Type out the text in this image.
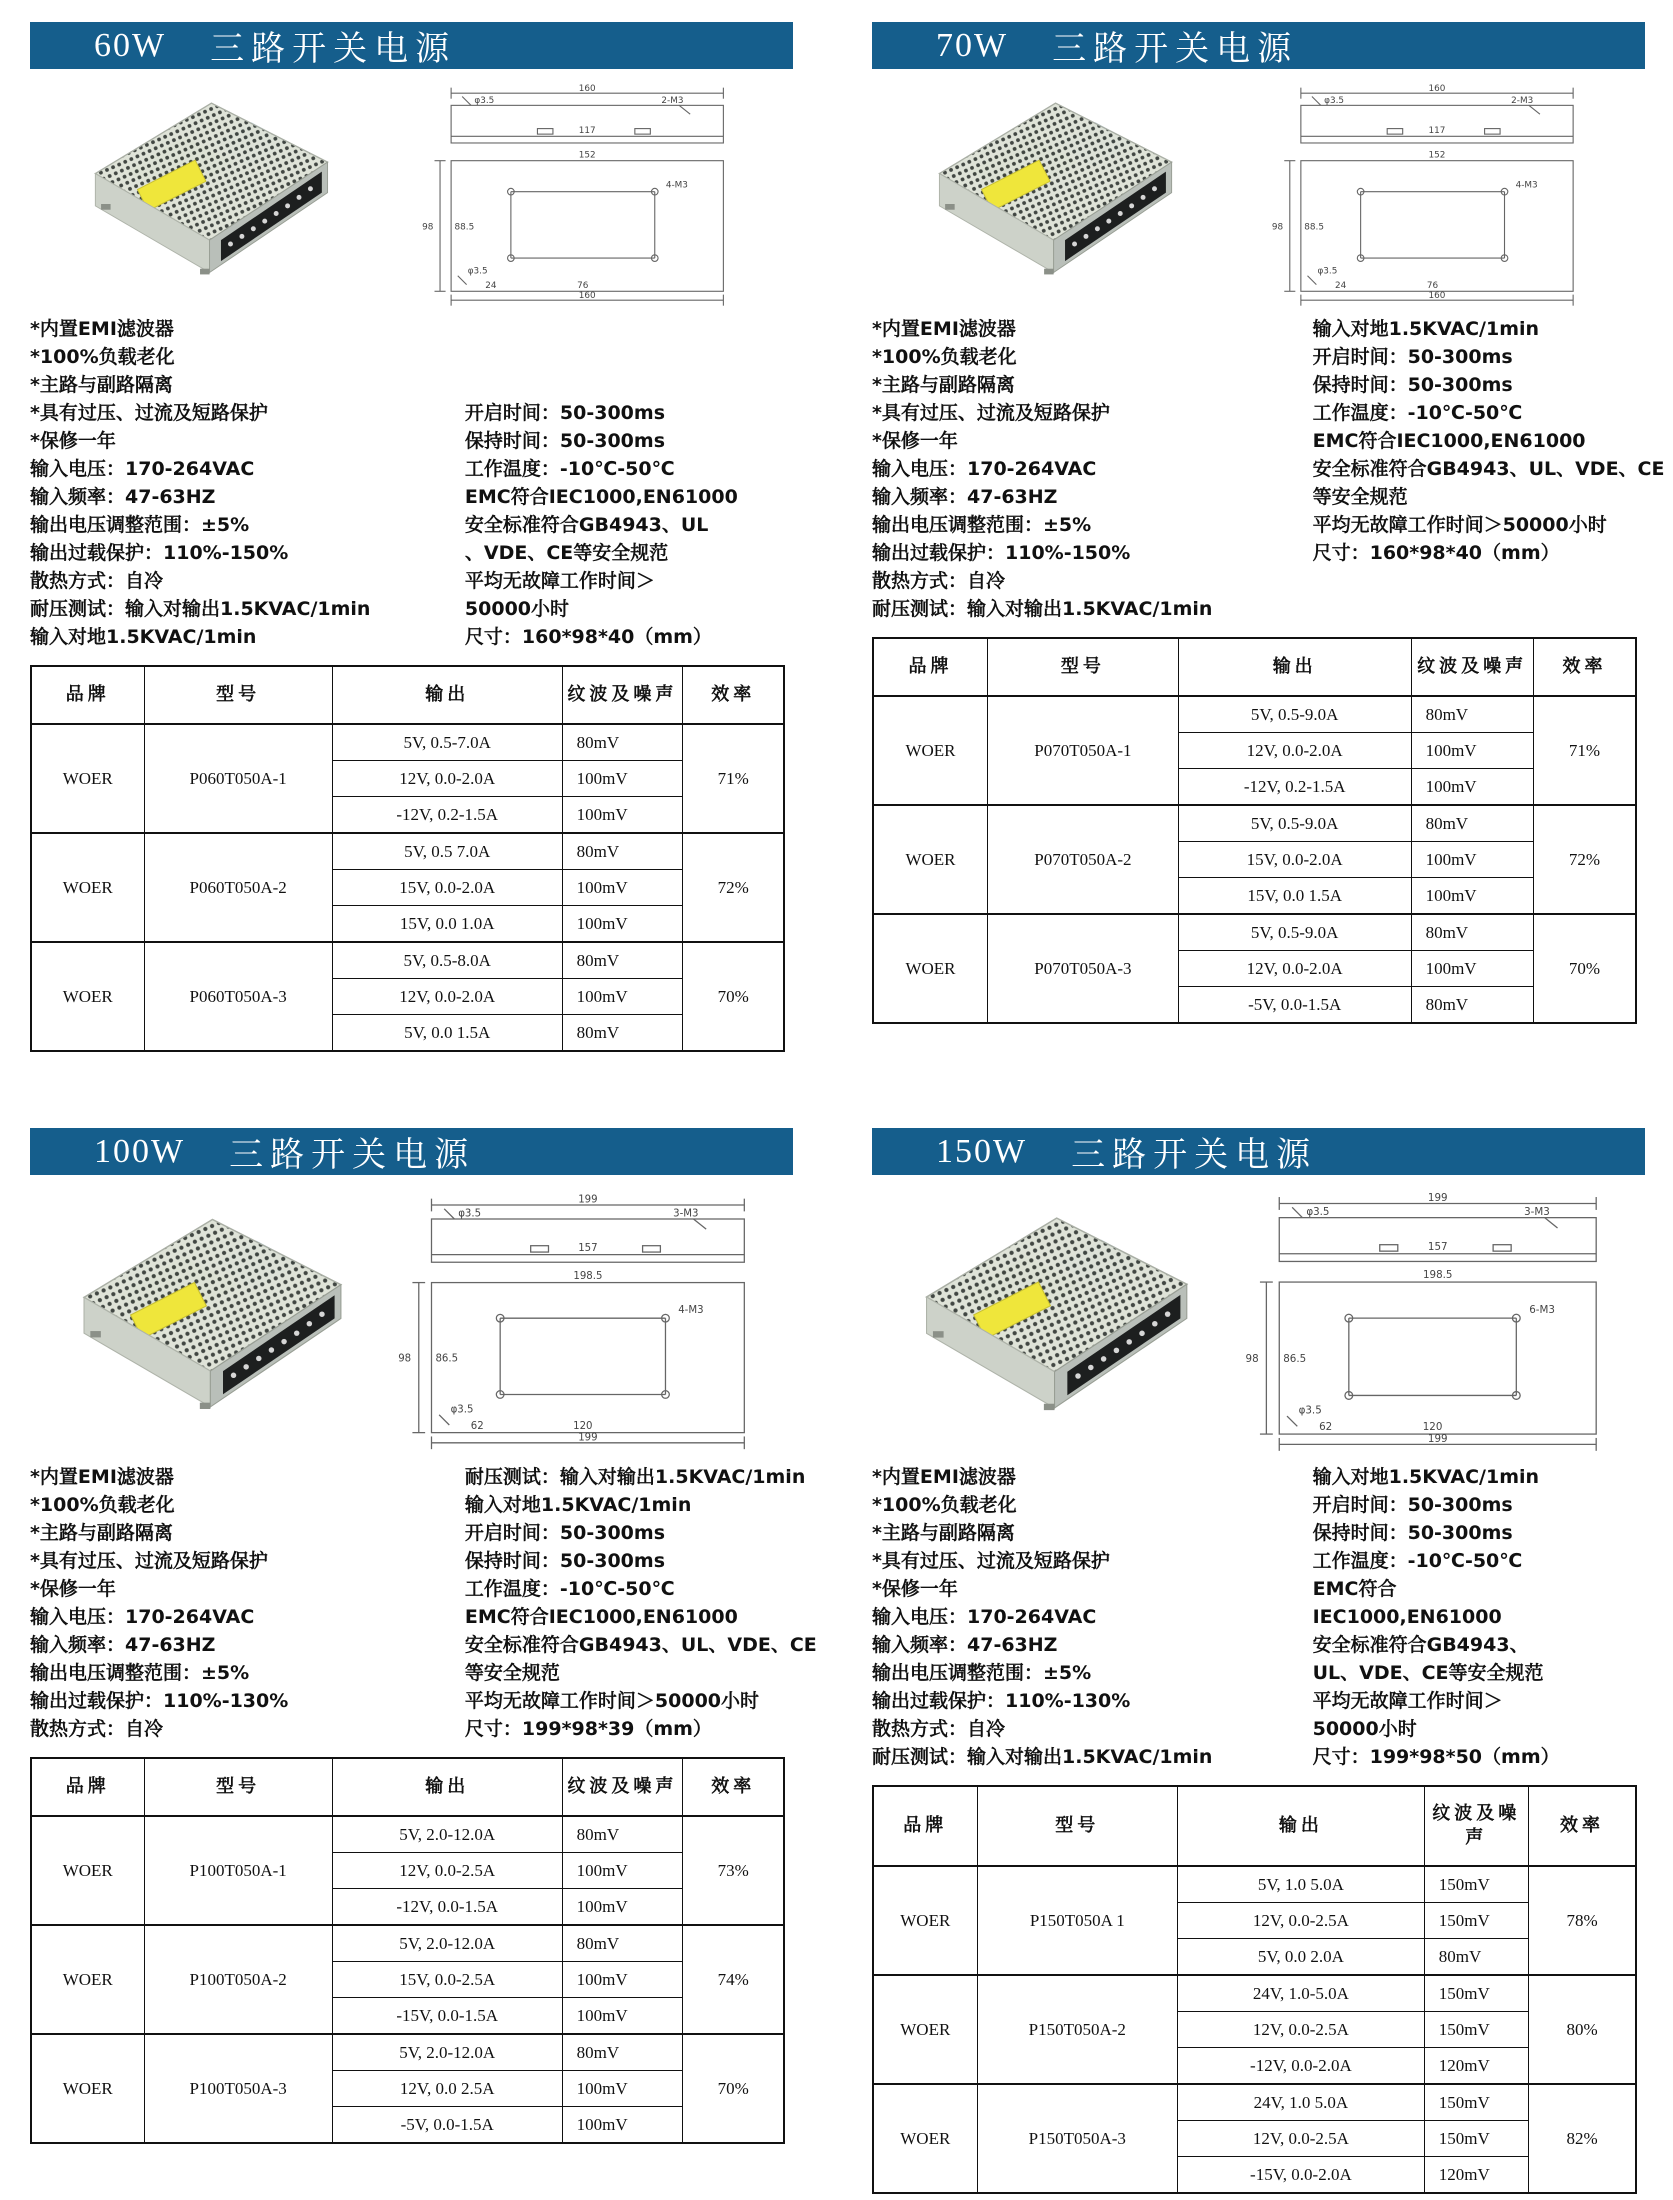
60W 三路开关电源
160
φ3.5	2-M3
117
152
98	88.5
4-M3
φ3.5
24	76
160
*内置EMI滤波器
*100%负载老化
*主路与副路隔离
*具有过压、过流及短路保护
*保修一年
输入电压：170-264VAC
输入频率：47-63HZ
输出电压调整范围：±5%
输出过载保护：110%-150%
散热方式：自冷
耐压测试：输入对输出1.5KVAC/1min
输入对地1.5KVAC/1min
开启时间：50-300ms
保持时间：50-300ms
工作温度：-10℃-50℃
EMC符合IEC1000,EN61000
安全标准符合GB4943、UL
、VDE、CE等安全规范
平均无故障工作时间＞
50000小时
尺寸：160*98*40（mm）
品牌	型号	输出	纹波及噪声	效率
WOER	P060T050A-1	5V, 0.5-7.0A	80mV	71%
		12V, 0.0-2.0A	100mV	
		-12V, 0.2-1.5A	100mV	
WOER	P060T050A-2	5V, 0.5 7.0A	80mV	72%
		15V, 0.0-2.0A	100mV	
		15V, 0.0 1.0A	100mV	
WOER	P060T050A-3	5V, 0.5-8.0A	80mV	70%
		12V, 0.0-2.0A	100mV	
		5V, 0.0 1.5A	80mV	
70W 三路开关电源
160
φ3.5	2-M3
117
152
98	88.5
4-M3
φ3.5
24	76
160
*内置EMI滤波器
*100%负载老化
*主路与副路隔离
*具有过压、过流及短路保护
*保修一年
输入电压：170-264VAC
输入频率：47-63HZ
输出电压调整范围：±5%
输出过载保护：110%-150%
散热方式：自冷
耐压测试：输入对输出1.5KVAC/1min
输入对地1.5KVAC/1min
开启时间：50-300ms
保持时间：50-300ms
工作温度：-10℃-50℃
EMC符合IEC1000,EN61000
安全标准符合GB4943、UL、VDE、CE
等安全规范
平均无故障工作时间＞50000小时
尺寸：160*98*40（mm）
品牌	型号	输出	纹波及噪声	效率
WOER	P070T050A-1	5V, 0.5-9.0A	80mV	71%
		12V, 0.0-2.0A	100mV	
		-12V, 0.2-1.5A	100mV	
WOER	P070T050A-2	5V, 0.5-9.0A	80mV	72%
		15V, 0.0-2.0A	100mV	
		15V, 0.0 1.5A	100mV	
WOER	P070T050A-3	5V, 0.5-9.0A	80mV	70%
		12V, 0.0-2.0A	100mV	
		-5V, 0.0-1.5A	80mV	
100W 三路开关电源
199
φ3.5	3-M3
157
198.5
98	86.5
4-M3
φ3.5
62	120
199
*内置EMI滤波器
*100%负载老化
*主路与副路隔离
*具有过压、过流及短路保护
*保修一年
输入电压：170-264VAC
输入频率：47-63HZ
输出电压调整范围：±5%
输出过载保护：110%-130%
散热方式：自冷
耐压测试：输入对输出1.5KVAC/1min
输入对地1.5KVAC/1min
开启时间：50-300ms
保持时间：50-300ms
工作温度：-10℃-50℃
EMC符合IEC1000,EN61000
安全标准符合GB4943、UL、VDE、CE
等安全规范
平均无故障工作时间＞50000小时
尺寸：199*98*39（mm）
品牌	型号	输出	纹波及噪声	效率
WOER	P100T050A-1	5V, 2.0-12.0A	80mV	73%
		12V, 0.0-2.5A	100mV	
		-12V, 0.0-1.5A	100mV	
WOER	P100T050A-2	5V, 2.0-12.0A	80mV	74%
		15V, 0.0-2.5A	100mV	
		-15V, 0.0-1.5A	100mV	
WOER	P100T050A-3	5V, 2.0-12.0A	80mV	70%
		12V, 0.0 2.5A	100mV	
		-5V, 0.0-1.5A	100mV	
150W 三路开关电源
199
φ3.5	3-M3
157
198.5
98	86.5
6-M3
φ3.5
62	120
199
*内置EMI滤波器
*100%负载老化
*主路与副路隔离
*具有过压、过流及短路保护
*保修一年
输入电压：170-264VAC
输入频率：47-63HZ
输出电压调整范围：±5%
输出过载保护：110%-130%
散热方式：自冷
耐压测试：输入对输出1.5KVAC/1min
输入对地1.5KVAC/1min
开启时间：50-300ms
保持时间：50-300ms
工作温度：-10℃-50℃
EMC符合
IEC1000,EN61000
安全标准符合GB4943、
UL、VDE、CE等安全规范
平均无故障工作时间＞
50000小时
尺寸：199*98*50（mm）
品牌	型号	输出	纹波及噪声	效率
WOER	P150T050A 1	5V, 1.0 5.0A	150mV	78%
		12V, 0.0-2.5A	150mV	
		5V, 0.0 2.0A	80mV	
WOER	P150T050A-2	24V, 1.0-5.0A	150mV	80%
		12V, 0.0-2.5A	150mV	
		-12V, 0.0-2.0A	120mV	
WOER	P150T050A-3	24V, 1.0 5.0A	150mV	82%
		12V, 0.0-2.5A	150mV	
		-15V, 0.0-2.0A	120mV	
